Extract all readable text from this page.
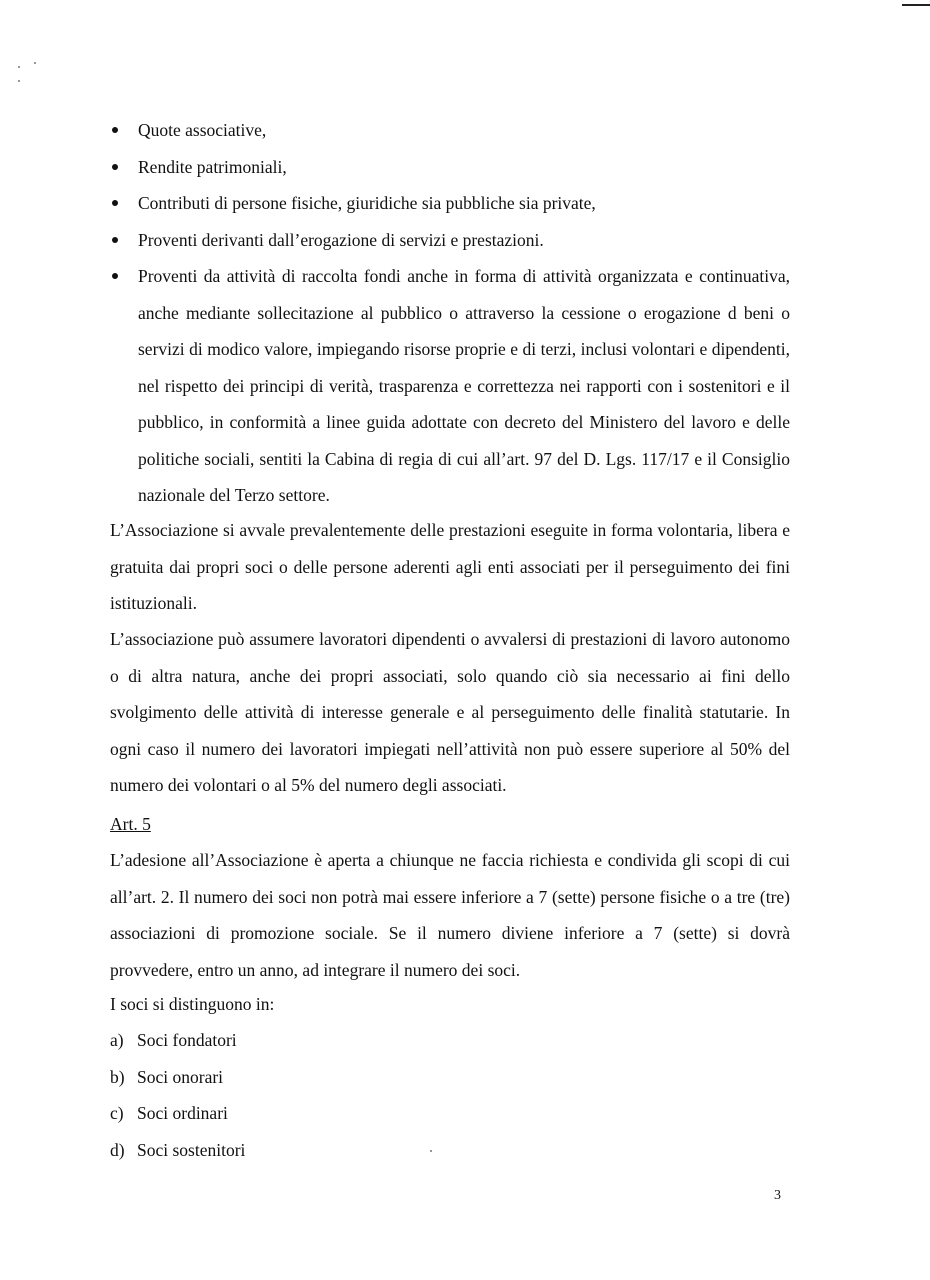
Quote associative,
Rendite patrimoniali,
Contributi di persone fisiche, giuridiche sia pubbliche sia private,
Proventi derivanti dall’erogazione di servizi e prestazioni.
Proventi da attività di raccolta fondi anche in forma di attività organizzata e continuativa, anche mediante sollecitazione al pubblico o attraverso la cessione o erogazione d beni o servizi di modico valore, impiegando risorse proprie e di terzi, inclusi volontari e dipendenti, nel rispetto dei principi di verità, trasparenza e correttezza nei rapporti con i sostenitori e il pubblico, in conformità a linee guida adottate con decreto del Ministero del lavoro e delle politiche sociali, sentiti la Cabina di regia di cui all’art. 97 del D. Lgs. 117/17 e il Consiglio nazionale del Terzo settore.

L’Associazione si avvale prevalentemente delle prestazioni eseguite in forma volontaria, libera e gratuita dai propri soci o delle persone aderenti agli enti associati per il perseguimento dei fini istituzionali.

L’associazione può assumere lavoratori dipendenti o avvalersi di prestazioni di lavoro autonomo o di altra natura, anche dei propri associati, solo quando ciò sia necessario ai fini dello svolgimento delle attività di interesse generale e al perseguimento delle finalità statutarie. In ogni caso il numero dei lavoratori impiegati nell’attività non può essere superiore al 50% del numero dei volontari o al 5% del numero degli associati.

Art. 5

L’adesione all’Associazione è aperta a chiunque ne faccia richiesta e condivida gli scopi di cui all’art. 2. Il numero dei soci non potrà mai essere inferiore a 7 (sette) persone fisiche o a tre (tre) associazioni di promozione sociale. Se il numero diviene inferiore a 7 (sette) si dovrà provvedere, entro un anno, ad integrare il numero dei soci.

I soci si distinguono in:

a) Soci fondatori
b) Soci onorari
c) Soci ordinari
d) Soci sostenitori

3
